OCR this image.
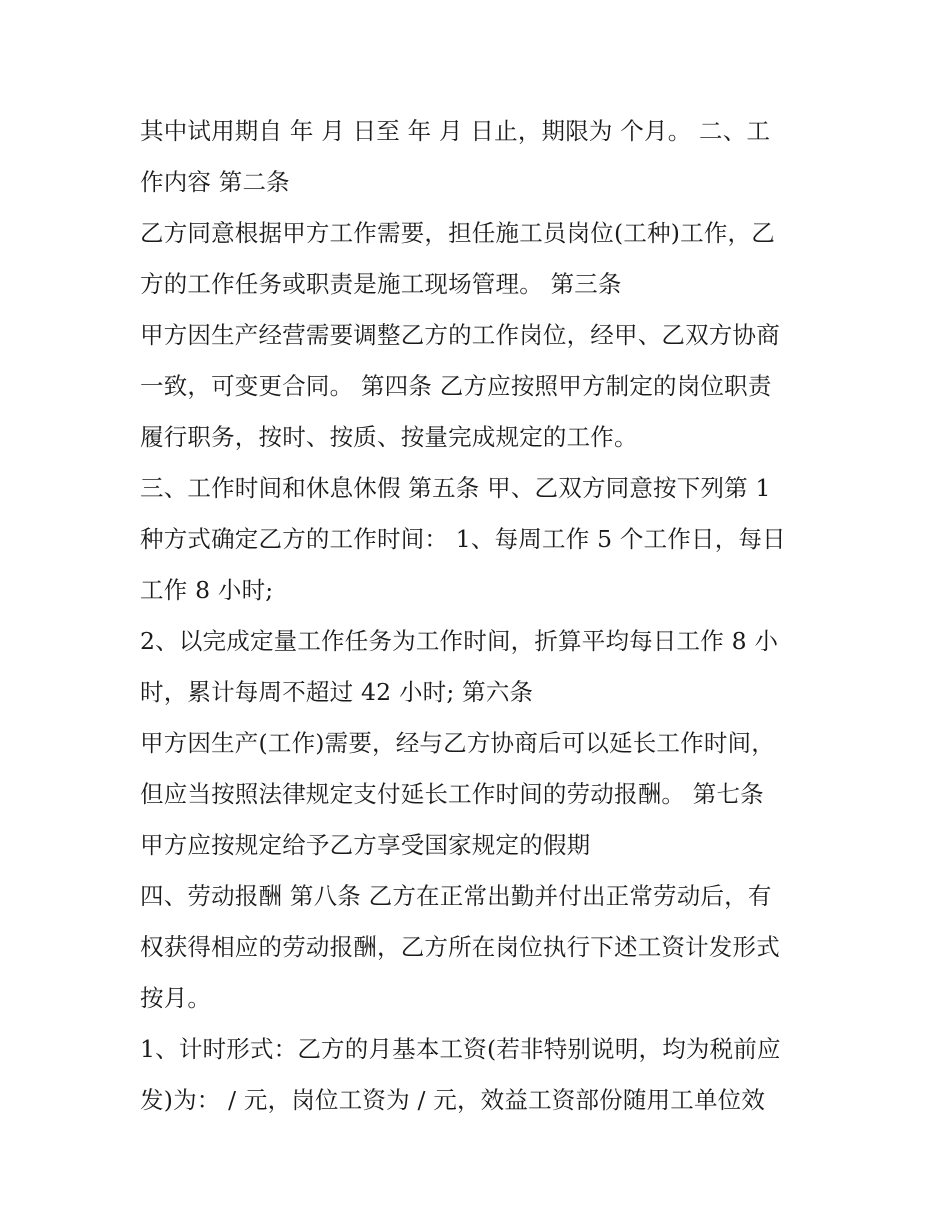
其中试用期自 年 月 日至 年 月 日止，期限为 个月。 二、工
作内容 第二条
乙方同意根据甲方工作需要，担任施工员岗位(工种)工作，乙
方的工作任务或职责是施工现场管理。 第三条
甲方因生产经营需要调整乙方的工作岗位，经甲、乙双方协商
一致，可变更合同。 第四条 乙方应按照甲方制定的岗位职责
履行职务，按时、按质、按量完成规定的工作。
三、工作时间和休息休假 第五条 甲、乙双方同意按下列第 1
种方式确定乙方的工作时间： 1、每周工作 5 个工作日，每日
工作 8 小时;
2、以完成定量工作任务为工作时间，折算平均每日工作 8 小
时，累计每周不超过 42 小时; 第六条
甲方因生产(工作)需要，经与乙方协商后可以延长工作时间，
但应当按照法律规定支付延长工作时间的劳动报酬。 第七条
甲方应按规定给予乙方享受国家规定的假期
四、劳动报酬 第八条 乙方在正常出勤并付出正常劳动后，有
权获得相应的劳动报酬，乙方所在岗位执行下述工资计发形式
按月。
1、计时形式：乙方的月基本工资(若非特别说明，均为税前应
发)为： / 元，岗位工资为 / 元，效益工资部份随用工单位效
